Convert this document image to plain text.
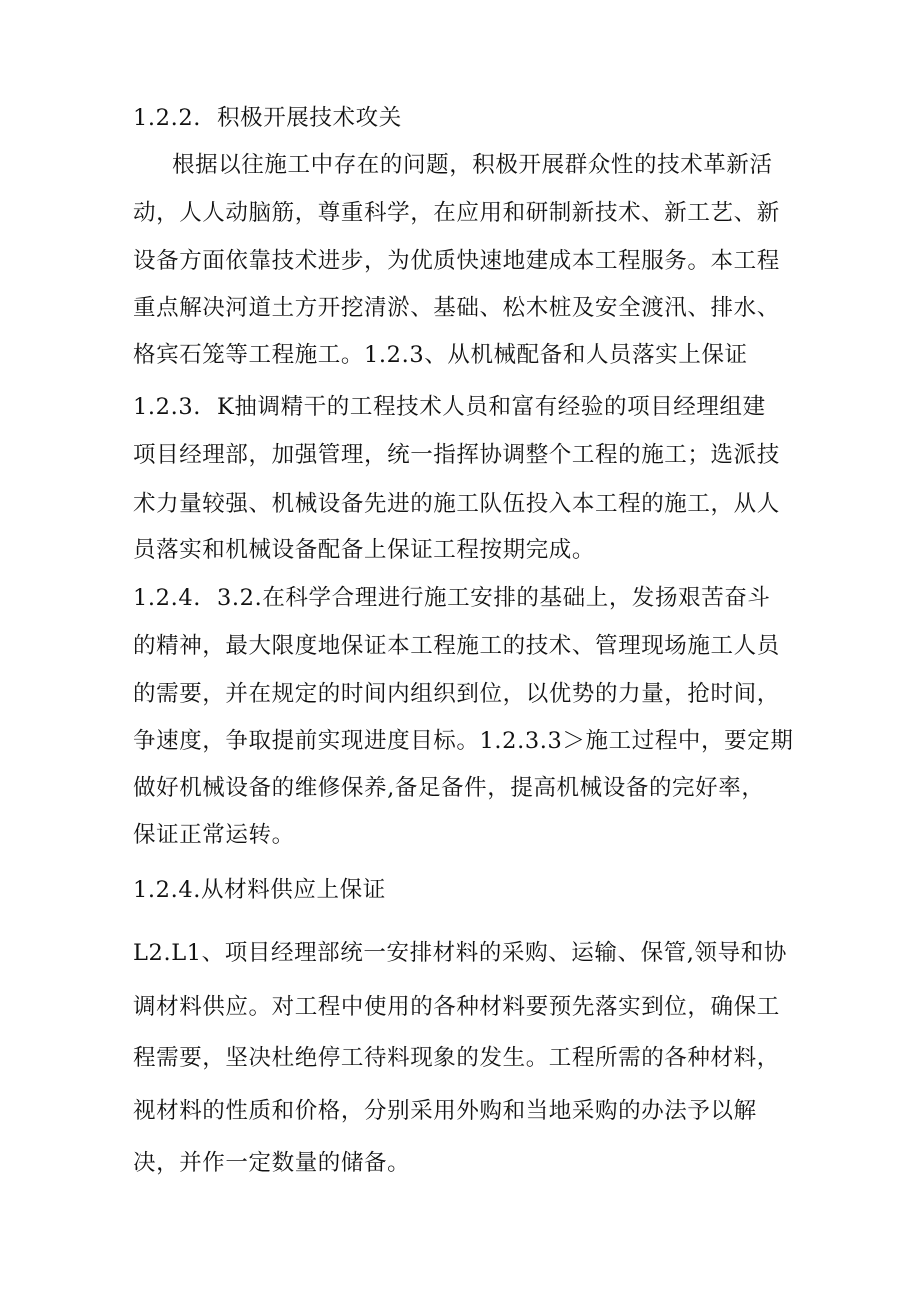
1.2.2. 积极开展技术攻关
根据以往施工中存在的问题，积极开展群众性的技术革新活
动，人人动脑筋，尊重科学，在应用和研制新技术、新工艺、新
设备方面依靠技术进步，为优质快速地建成本工程服务。本工程
重点解决河道土方开挖清淤、基础、松木桩及安全渡汛、排水、
格宾石笼等工程施工。1.2.3、从机械配备和人员落实上保证
1.2.3. K抽调精干的工程技术人员和富有经验的项目经理组建
项目经理部，加强管理，统一指挥协调整个工程的施工；选派技
术力量较强、机械设备先进的施工队伍投入本工程的施工，从人
员落实和机械设备配备上保证工程按期完成。
1.2.4. 3.2.在科学合理进行施工安排的基础上，发扬艰苦奋斗
的精神，最大限度地保证本工程施工的技术、管理现场施工人员
的需要，并在规定的时间内组织到位，以优势的力量，抢时间，
争速度，争取提前实现进度目标。1.2.3.3＞施工过程中，要定期
做好机械设备的维修保养,备足备件，提高机械设备的完好率，
保证正常运转。
1.2.4.从材料供应上保证
L2.L1、项目经理部统一安排材料的采购、运输、保管,领导和协
调材料供应。对工程中使用的各种材料要预先落实到位，确保工
程需要，坚决杜绝停工待料现象的发生。工程所需的各种材料，
视材料的性质和价格，分别采用外购和当地采购的办法予以解
决，并作一定数量的储备。
